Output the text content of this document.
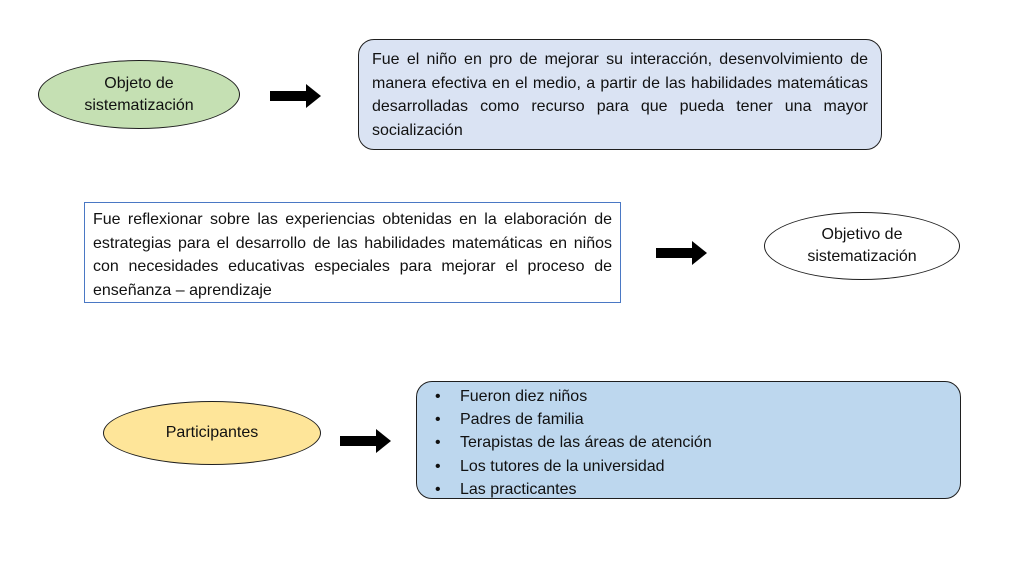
Objeto de
sistematización
Fue el niño en pro de mejorar su interacción, desenvolvimiento de manera efectiva en el medio, a partir de las habilidades matemáticas desarrolladas como recurso para que pueda tener una mayor socialización
Fue reflexionar sobre las experiencias obtenidas en la elaboración de estrategias para el desarrollo de las habilidades matemáticas en niños con necesidades educativas especiales para mejorar el proceso de enseñanza – aprendizaje
Objetivo de
sistematización
Participantes
• Fueron diez niños
• Padres de familia
• Terapistas de las áreas de atención
• Los tutores de la universidad
• Las practicantes
